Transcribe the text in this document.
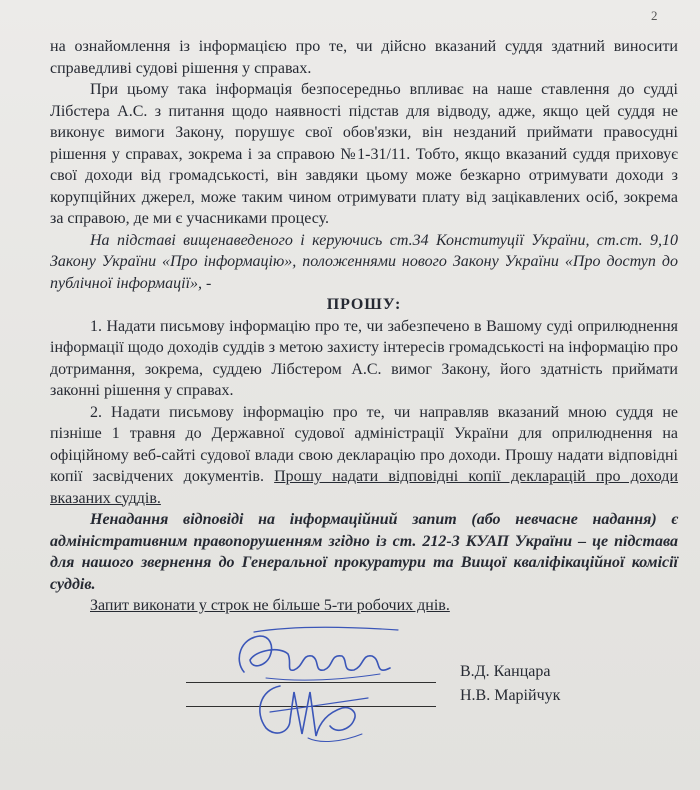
2

на ознайомлення із інформацією про те, чи дійсно вказаний суддя здатний виносити справедливі судові рішення у справах.

При цьому така інформація безпосередньо впливає на наше ставлення до судді Лібстера А.С. з питання щодо наявності підстав для відводу, адже, якщо цей суддя не виконує вимоги Закону, порушує свої обов'язки, він незданий приймати правосудні рішення у справах, зокрема і за справою №1-31/11. Тобто, якщо вказаний суддя приховує свої доходи від громадськості, він завдяки цьому може безкарно отримувати доходи з корупційних джерел, може таким чином отримувати плату від зацікавлених осіб, зокрема за справою, де ми є учасниками процесу.

На підставі вищенаведеного і керуючись ст.34 Конституції України, ст.ст. 9,10 Закону України «Про інформацію», положеннями нового Закону України «Про доступ до публічної інформації», -

ПРОШУ:

1. Надати письмову інформацію про те, чи забезпечено в Вашому суді оприлюднення інформації щодо доходів суддів з метою захисту інтересів громадськості на інформацію про дотримання, зокрема, суддею Лібстером А.С. вимог Закону, його здатність приймати законні рішення у справах.

2. Надати письмову інформацію про те, чи направляв вказаний мною суддя не пізніше 1 травня до Державної судової адміністрації України для оприлюднення на офіційному веб-сайті судової влади свою декларацію про доходи. Прошу надати відповідні копії засвідчених документів. Прошу надати відповідні копії декларацій про доходи вказаних суддів.

Ненадання відповіді на інформаційний запит (або невчасне надання) є адміністративним правопорушенням згідно із ст. 212-3 КУАП України – це підстава для нашого звернення до Генеральної прокуратури та Вищої кваліфікаційної комісії суддів.

Запит виконати у строк не більше 5-ти робочих днів.

В.Д. Канцара
Н.В. Марійчук
